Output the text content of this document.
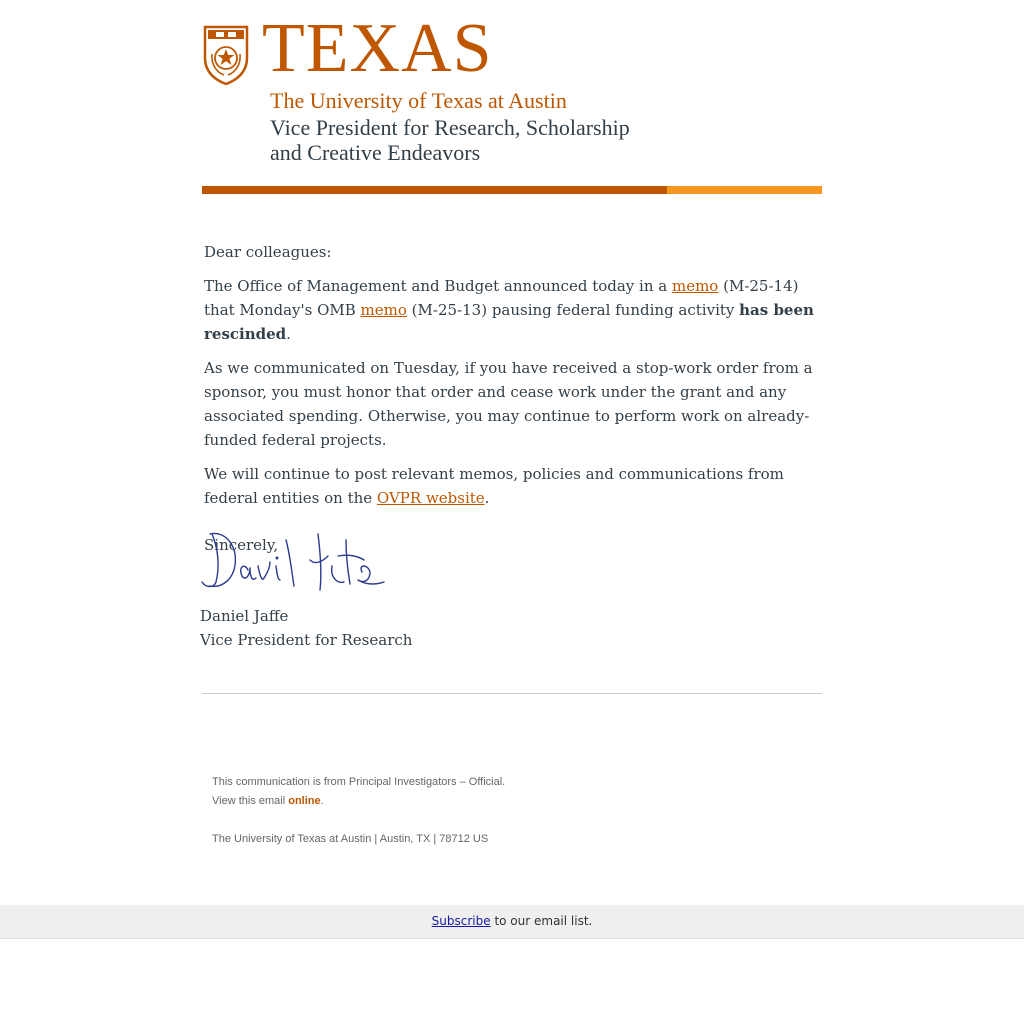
TEXAS
The University of Texas at Austin
Vice President for Research, Scholarship
and Creative Endeavors

Dear colleagues:

The Office of Management and Budget announced today in a memo (M-25-14) that Monday's OMB memo (M-25-13) pausing federal funding activity has been rescinded.

As we communicated on Tuesday, if you have received a stop-work order from a sponsor, you must honor that order and cease work under the grant and any associated spending. Otherwise, you may continue to perform work on already-funded federal projects.

We will continue to post relevant memos, policies and communications from federal entities on the OVPR website.

Sincerely,

Daniel Jaffe
Vice President for Research
This communication is from Principal Investigators – Official.
View this email online.
The University of Texas at Austin | Austin, TX | 78712 US
Subscribe to our email list.
